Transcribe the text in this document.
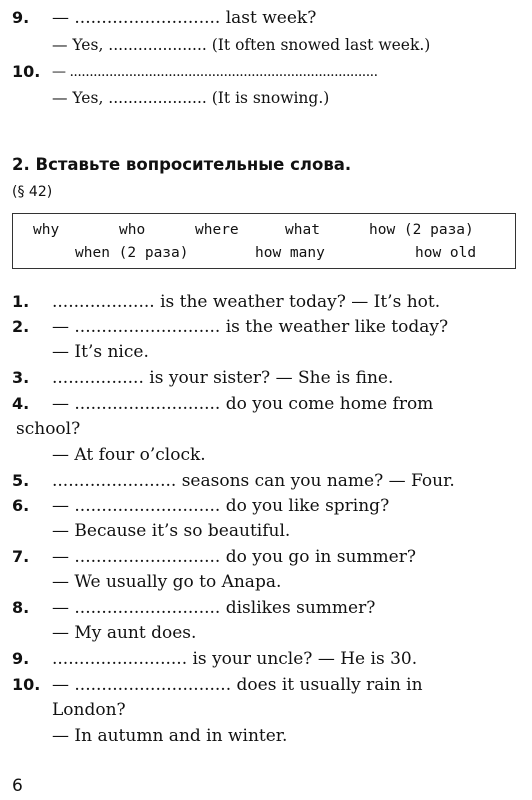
9. — ........................... last week?
— Yes, .................... (It often snowed last week.)
10. — ..............................................................................
— Yes, .................... (It is snowing.)
2. Вставьте вопросительные слова.
(§ 42)
why	who	where	what	how (2 раза)
when (2 раза)	how many	how old
1. ................... is the weather today? — It’s hot.
2. — ........................... is the weather like today?
— It’s nice.
3. ................. is your sister? — She is fine.
4. — ........................... do you come home from
school?
— At four o’clock.
5. ....................... seasons can you name? — Four.
6. — ........................... do you like spring?
— Because it’s so beautiful.
7. — ........................... do you go in summer?
— We usually go to Anapa.
8. — ........................... dislikes summer?
— My aunt does.
9. ......................... is your uncle? — He is 30.
10. — ............................. does it usually rain in
London?
— In autumn and in winter.
6
